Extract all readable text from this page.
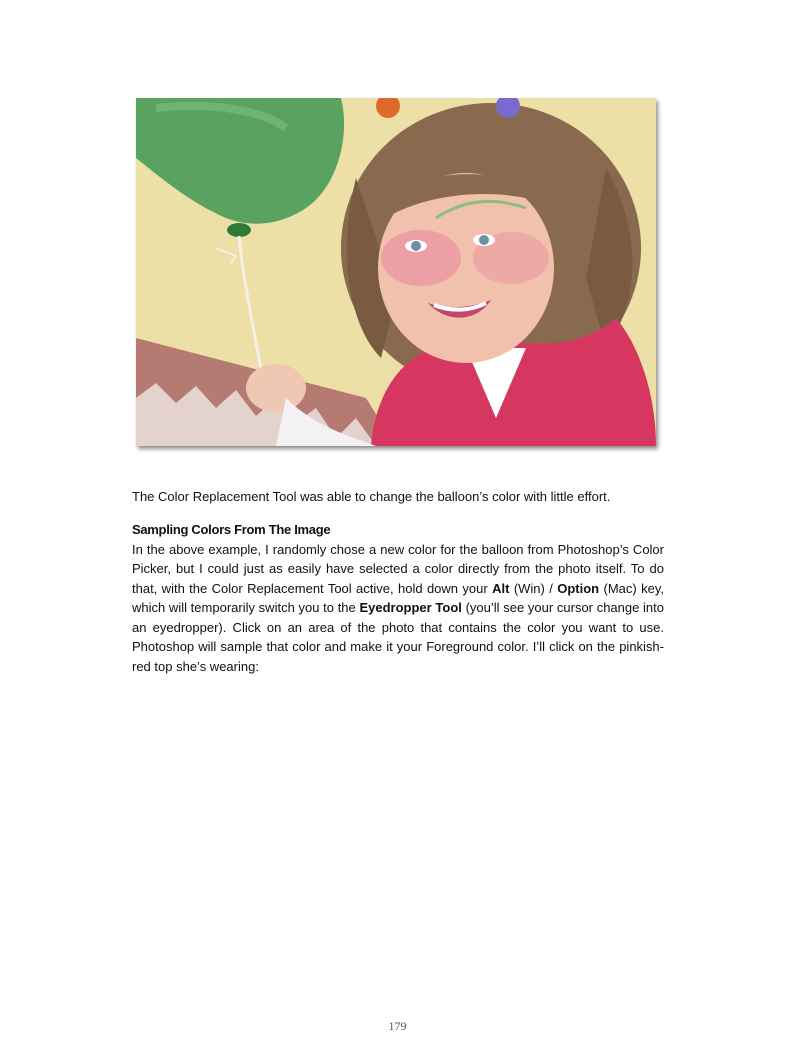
The Color Replacement Tool was able to change the balloon’s color with little effort.

Sampling Colors From The Image

In the above example, I randomly chose a new color for the balloon from Photoshop’s Color Picker, but I could just as easily have selected a color directly from the photo itself. To do that, with the Color Replacement Tool active, hold down your Alt (Win) / Option (Mac) key, which will temporarily switch you to the Eyedropper Tool (you’ll see your cursor change into an eyedropper). Click on an area of the photo that contains the color you want to use. Photoshop will sample that color and make it your Foreground color. I’ll click on the pinkish-red top she’s wearing:

179
